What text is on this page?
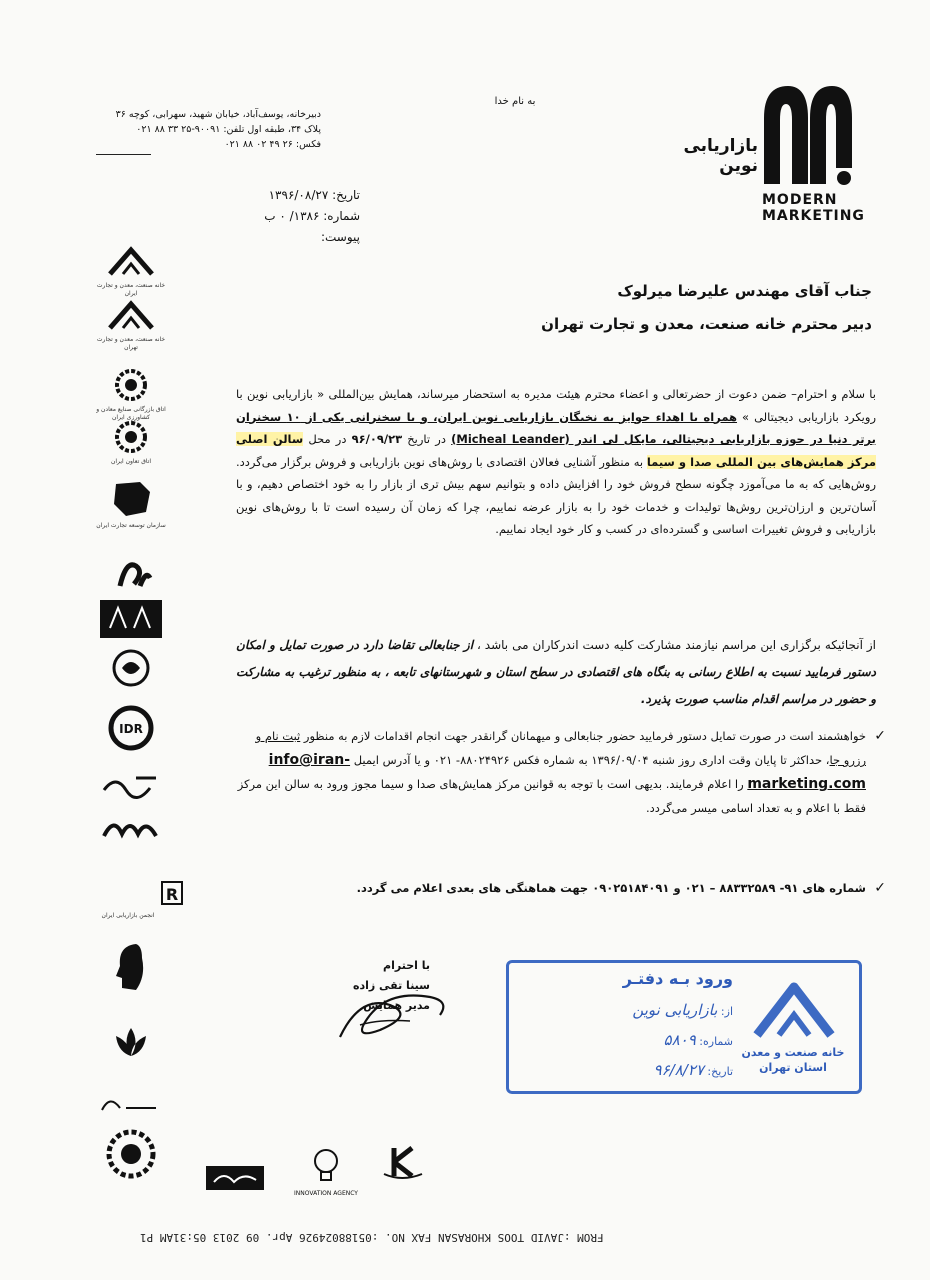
بازاریابی
نوین
MODERN
MARKETING
به نام خدا
دبیرخانه، یوسف‌آباد، خیابان شهید، سهرابی، کوچه ۳۶
پلاک ۳۴، طبقه اول تلفن: ۹۰۰۹۱-۲۵ ۳۳ ۸۸ ۰۲۱
فکس: ۲۶ ۴۹ ۰۲ ۸۸ ۰۲۱
تاریخ: ۱۳۹۶/۰۸/۲۷
شماره: ۱۳۸۶/ ۰ ب
پیوست:
جناب آقای مهندس علیرضا میرلوک
دبیر محترم خانه صنعت، معدن و تجارت تهران
با سلام و احترام– ضمن دعوت از حضرتعالی و اعضاء محترم هیئت مدیره به استحضار میرساند، همایش بین‌المللی « بازاریابی نوین با رویکرد بازاریابی دیجیتالی » همراه با اهداء جوایز به نخبگان بازاریابی نوین ایران، و با سخنرانی یکی از ۱۰ سخنران برتر دنیا در حوزه بازاریابی دیجیتالی، مایکل لی اندر (Micheal Leander) در تاریخ ۹۶/۰۹/۲۳ در محل سالن اصلی مرکز همایش‌های بین المللی صدا و سیما به منظور آشنایی فعالان اقتصادی با روش‌های نوین بازاریابی و فروش برگزار می‌گردد. روش‌هایی که به ما می‌آموزد چگونه سطح فروش خود را افزایش داده و بتوانیم سهم بیش تری از بازار را به خود اختصاص دهیم، و با آسان‌ترین و ارزان‌ترین روش‌ها تولیدات و خدمات خود را به بازار عرضه نماییم، چرا که زمان آن رسیده است تا با روش‌های نوین بازاریابی و فروش تغییرات اساسی و گسترده‌ای در کسب و کار خود ایجاد نماییم.
از آنجائیکه برگزاری این مراسم نیازمند مشارکت کلیه دست اندرکاران می باشد ، از جنابعالی تقاضا دارد در صورت تمایل و امکان دستور فرمایید نسبت به اطلاع رسانی به بنگاه های اقتصادی در سطح استان و شهرستانهای تابعه ، به منظور ترغیب به مشارکت و حضور در مراسم اقدام مناسب صورت پذیرد.
✓
خواهشمند است در صورت تمایل دستور فرمایید حضور جنابعالی و میهمانان گرانقدر جهت انجام اقدامات لازم به منظور ثبت نام و رزرو جا، حداکثر تا پایان وقت اداری روز شنبه ۱۳۹۶/۰۹/۰۴ به شماره فکس ۸۸۰۲۴۹۲۶- ۰۲۱ و یا آدرس ایمیل info@iran-marketing.com را اعلام فرمایند. بدیهی است با توجه به قوانین مرکز همایش‌های صدا و سیما مجوز ورود به سالن این مرکز فقط با اعلام و به تعداد اسامی میسر می‌گردد.
✓
شماره های ۹۱- ۸۸۳۳۲۵۸۹ – ۰۲۱ و ۰۹۰۲۵۱۸۴۰۹۱ جهت هماهنگی های بعدی اعلام می گردد.
با احترام
سینا تقی زاده
مدیر همایش
ورود بـه دفتـر
از: بازاریابی نوین
شماره: ۵۸۰۹
تاریخ: ۹۶/۸/۲۷
خانه صنعت و معدن
استان تهران
خانه صنعت، معدن و تجارت ایران
خانه صنعت، معدن و تجارت تهران
اتاق بازرگانی صنایع معادن و کشاورزی ایران
اتاق تعاون ایران
سازمان توسعه تجارت ایران
IDR
R
انجمن بازاریابی ایران
INNOVATION AGENCY
FROM :JAVID TOOS KHORASAN FAX NO. :05188024926 Apr. 09 2013 05:31AM P1
